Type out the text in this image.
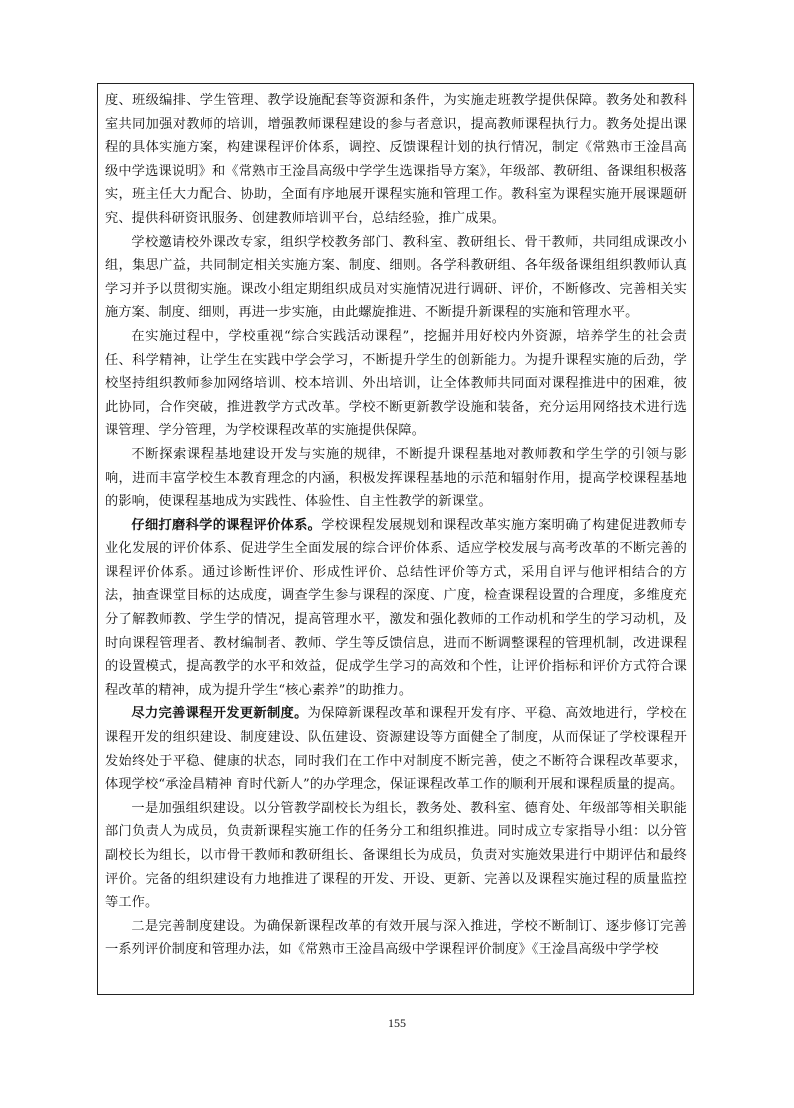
度、班级编排、学生管理、教学设施配套等资源和条件，为实施走班教学提供保障。教务处和教科室共同加强对教师的培训，增强教师课程建设的参与者意识，提高教师课程执行力。教务处提出课程的具体实施方案，构建课程评价体系，调控、反馈课程计划的执行情况，制定《常熟市王淦昌高级中学选课说明》和《常熟市王淦昌高级中学学生选课指导方案》，年级部、教研组、备课组积极落实，班主任大力配合、协助，全面有序地展开课程实施和管理工作。教科室为课程实施开展课题研究、提供科研资讯服务、创建教师培训平台，总结经验，推广成果。

学校邀请校外课改专家，组织学校教务部门、教科室、教研组长、骨干教师，共同组成课改小组，集思广益，共同制定相关实施方案、制度、细则。各学科教研组、各年级备课组组织教师认真学习并予以贯彻实施。课改小组定期组织成员对实施情况进行调研、评价，不断修改、完善相关实施方案、制度、细则，再进一步实施，由此螺旋推进、不断提升新课程的实施和管理水平。

在实施过程中，学校重视“综合实践活动课程”，挖掘并用好校内外资源，培养学生的社会责任、科学精神，让学生在实践中学会学习，不断提升学生的创新能力。为提升课程实施的后劲，学校坚持组织教师参加网络培训、校本培训、外出培训，让全体教师共同面对课程推进中的困难，彼此协同，合作突破，推进教学方式改革。学校不断更新教学设施和装备，充分运用网络技术进行选课管理、学分管理，为学校课程改革的实施提供保障。

不断探索课程基地建设开发与实施的规律，不断提升课程基地对教师教和学生学的引领与影响，进而丰富学校生本教育理念的内涵，积极发挥课程基地的示范和辐射作用，提高学校课程基地的影响，使课程基地成为实践性、体验性、自主性教学的新课堂。

仔细打磨科学的课程评价体系。学校课程发展规划和课程改革实施方案明确了构建促进教师专业化发展的评价体系、促进学生全面发展的综合评价体系、适应学校发展与高考改革的不断完善的课程评价体系。通过诊断性评价、形成性评价、总结性评价等方式，采用自评与他评相结合的方法，抽查课堂目标的达成度，调查学生参与课程的深度、广度，检查课程设置的合理度，多维度充分了解教师教、学生学的情况，提高管理水平，激发和强化教师的工作动机和学生的学习动机，及时向课程管理者、教材编制者、教师、学生等反馈信息，进而不断调整课程的管理机制，改进课程的设置模式，提高教学的水平和效益，促成学生学习的高效和个性，让评价指标和评价方式符合课程改革的精神，成为提升学生“核心素养”的助推力。

尽力完善课程开发更新制度。为保障新课程改革和课程开发有序、平稳、高效地进行，学校在课程开发的组织建设、制度建设、队伍建设、资源建设等方面健全了制度，从而保证了学校课程开发始终处于平稳、健康的状态，同时我们在工作中对制度不断完善，使之不断符合课程改革要求，体现学校“承淦昌精神 育时代新人”的办学理念，保证课程改革工作的顺利开展和课程质量的提高。

一是加强组织建设。以分管教学副校长为组长，教务处、教科室、德育处、年级部等相关职能部门负责人为成员，负责新课程实施工作的任务分工和组织推进。同时成立专家指导小组：以分管副校长为组长，以市骨干教师和教研组长、备课组长为成员，负责对实施效果进行中期评估和最终评价。完备的组织建设有力地推进了课程的开发、开设、更新、完善以及课程实施过程的质量监控等工作。

二是完善制度建设。为确保新课程改革的有效开展与深入推进，学校不断制订、逐步修订完善一系列评价制度和管理办法，如《常熟市王淦昌高级中学课程评价制度》《王淦昌高级中学学校

155
